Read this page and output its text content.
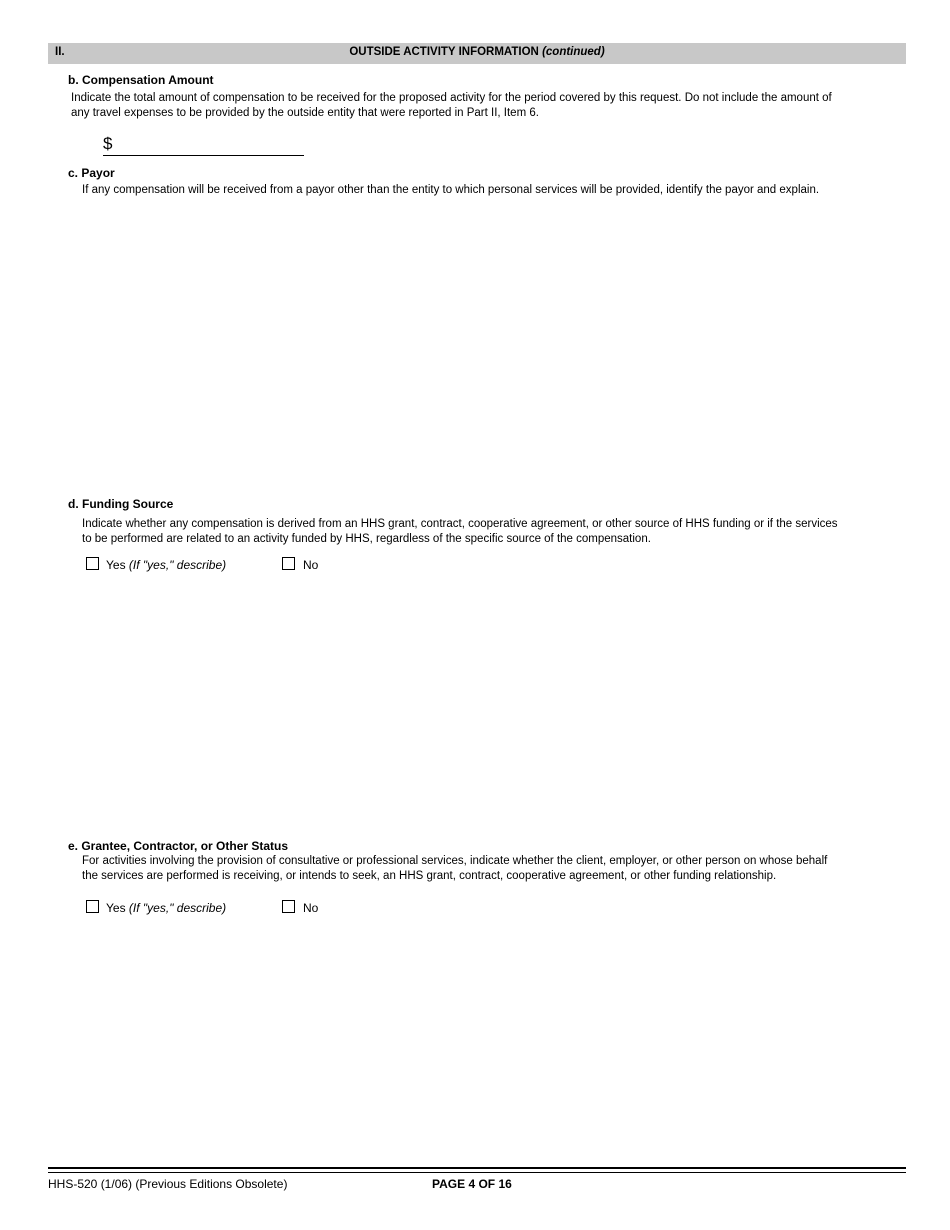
II.	OUTSIDE ACTIVITY INFORMATION (continued)
b. Compensation Amount
Indicate the total amount of compensation to be received for the proposed activity for the period covered by this request. Do not include the amount of
any travel expenses to be provided by the outside entity that were reported in Part II, Item 6.
$
c. Payor
If any compensation will be received from a payor other than the entity to which personal services will be provided, identify the payor and explain.
d. Funding Source
Indicate whether any compensation is derived from an HHS grant, contract, cooperative agreement, or other source of HHS funding or if the services
to be performed are related to an activity funded by HHS, regardless of the specific source of the compensation.
Yes (If "yes," describe)	No
e. Grantee, Contractor, or Other Status
For activities involving the provision of consultative or professional services, indicate whether the client, employer, or other person on whose behalf
the services are performed is receiving, or intends to seek, an HHS grant, contract, cooperative agreement, or other funding relationship.
Yes (If "yes," describe)	No
HHS-520 (1/06) (Previous Editions Obsolete)	PAGE 4 OF 16
